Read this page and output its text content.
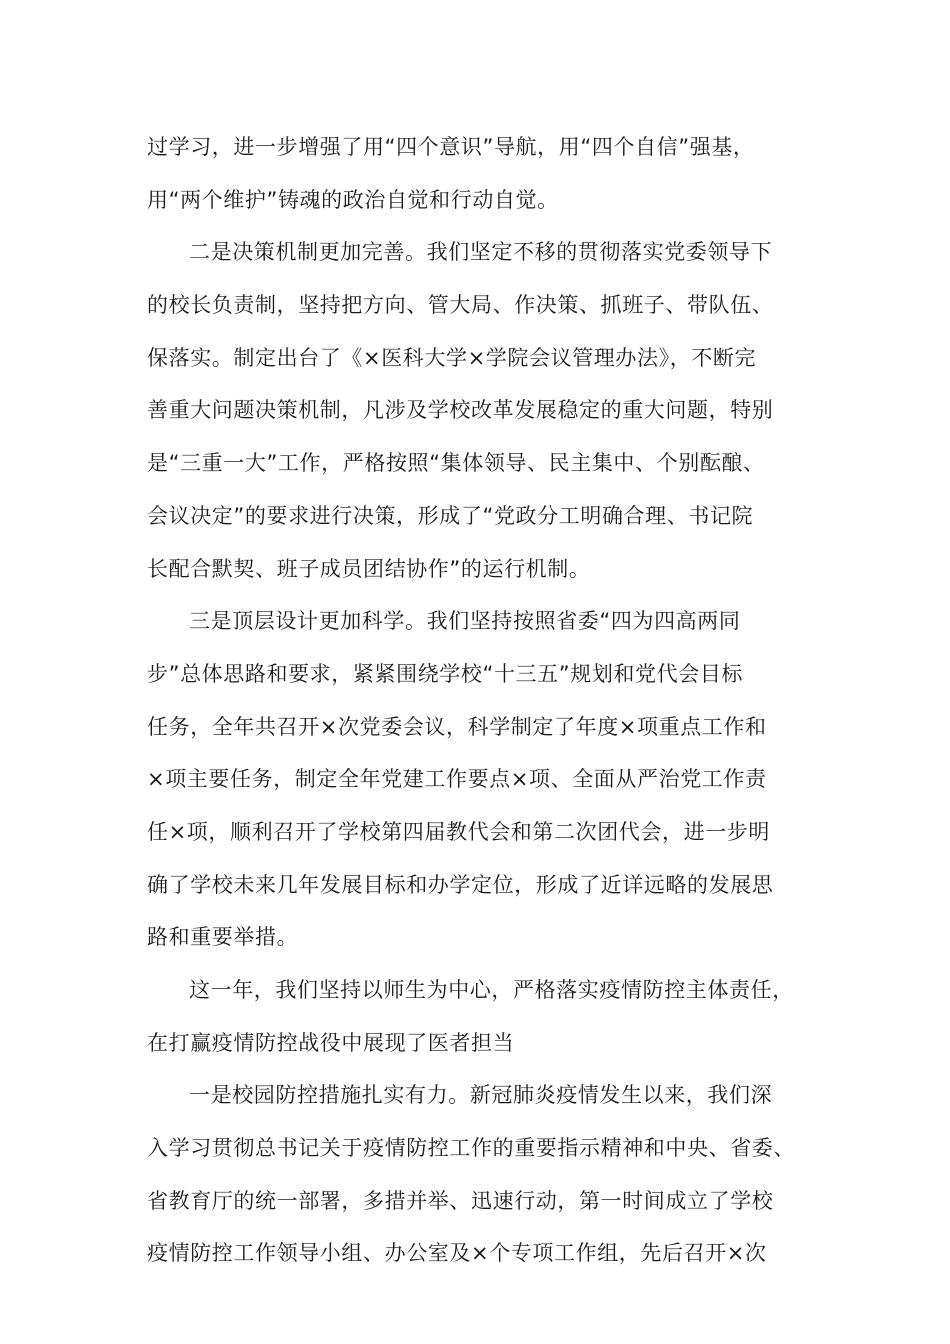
过学习，进一步增强了用“四个意识”导航，用“四个自信”强基，
用“两个维护”铸魂的政治自觉和行动自觉。
二是决策机制更加完善。我们坚定不移的贯彻落实党委领导下
的校长负责制，坚持把方向、管大局、作决策、抓班子、带队伍、
保落实。制定出台了《×医科大学×学院会议管理办法》，不断完
善重大问题决策机制，凡涉及学校改革发展稳定的重大问题，特别
是“三重一大”工作，严格按照“集体领导、民主集中、个别酝酿、
会议决定”的要求进行决策，形成了“党政分工明确合理、书记院
长配合默契、班子成员团结协作”的运行机制。
三是顶层设计更加科学。我们坚持按照省委“四为四高两同
步”总体思路和要求，紧紧围绕学校“十三五”规划和党代会目标
任务，全年共召开×次党委会议，科学制定了年度×项重点工作和
×项主要任务，制定全年党建工作要点×项、全面从严治党工作责
任×项，顺利召开了学校第四届教代会和第二次团代会，进一步明
确了学校未来几年发展目标和办学定位，形成了近详远略的发展思
路和重要举措。
这一年，我们坚持以师生为中心，严格落实疫情防控主体责任，
在打赢疫情防控战役中展现了医者担当
一是校园防控措施扎实有力。新冠肺炎疫情发生以来，我们深
入学习贯彻总书记关于疫情防控工作的重要指示精神和中央、省委、
省教育厅的统一部署，多措并举、迅速行动，第一时间成立了学校
疫情防控工作领导小组、办公室及×个专项工作组，先后召开×次
